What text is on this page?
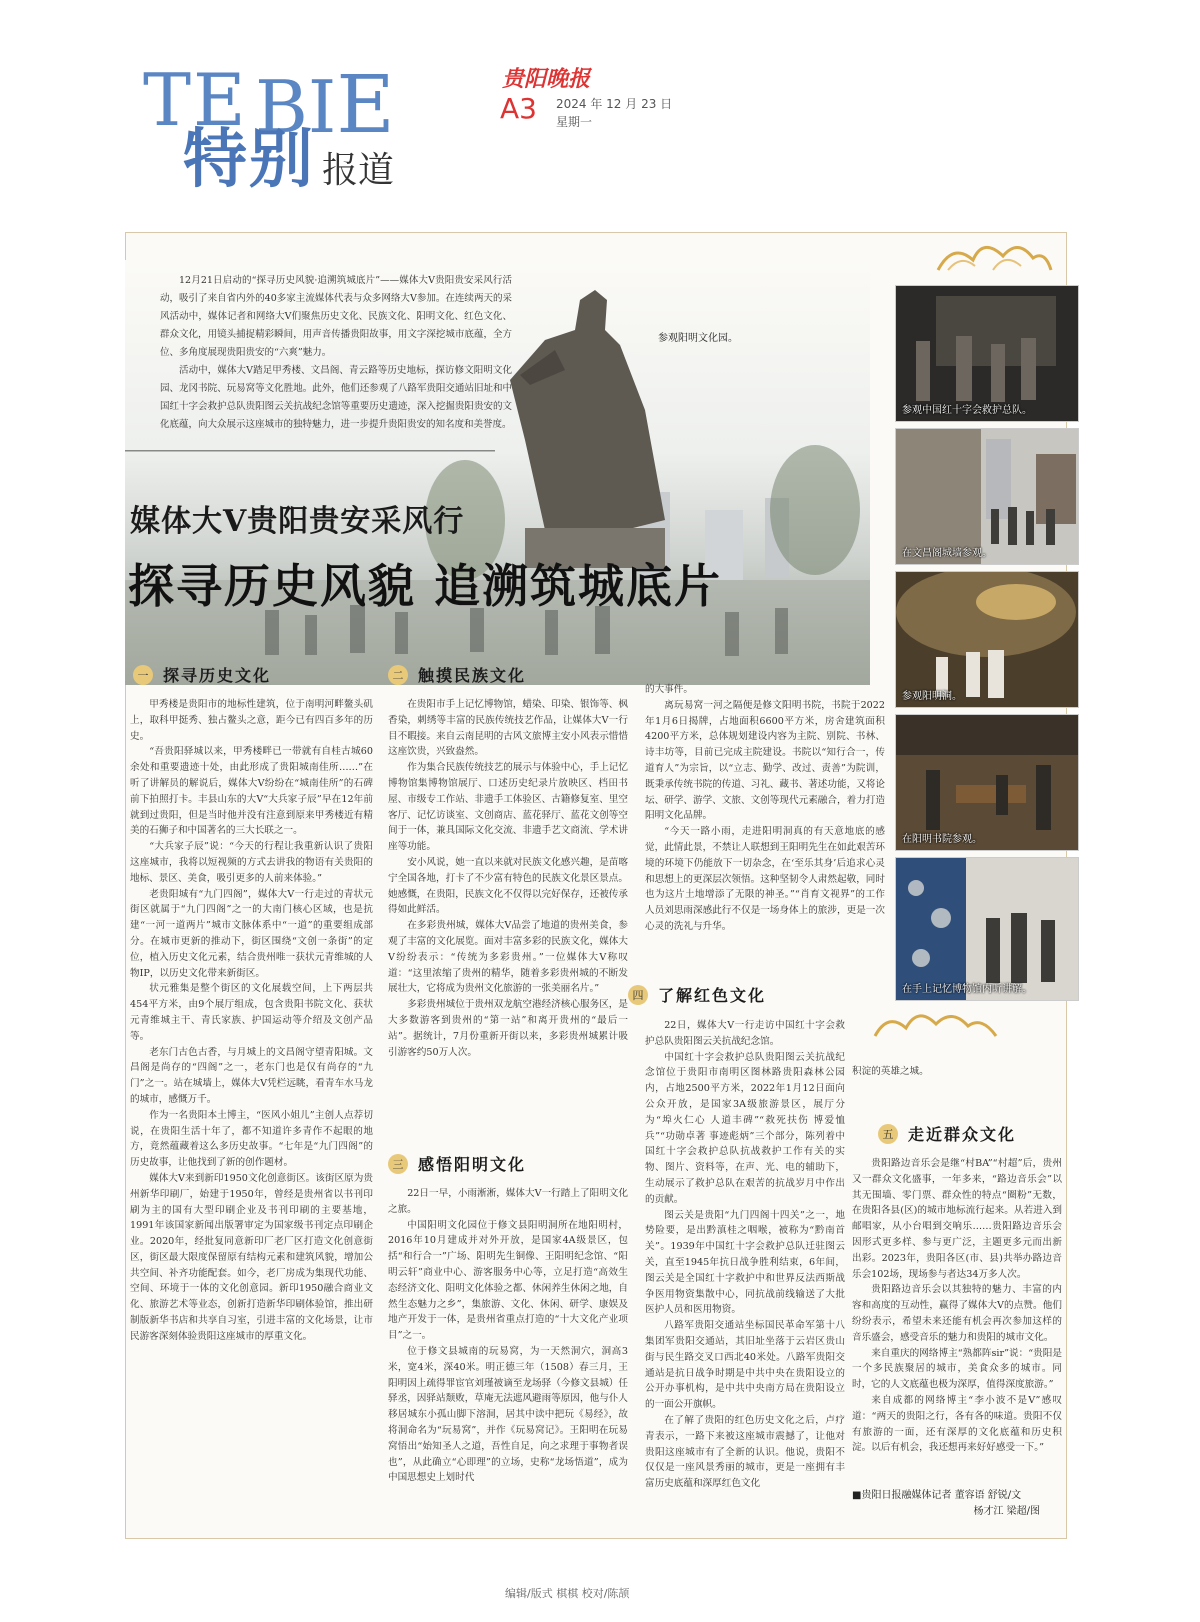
TE BIE
特别 报道
贵阳晚报
A3 2024 年 12 月 23 日
星期一
参观阳明文化园。

12月21日启动的“探寻历史风貌·追溯筑城底片”——媒体大V贵阳贵安采风行活动，吸引了来自省内外的40多家主流媒体代表与众多网络大V参加。在连续两天的采风活动中，媒体记者和网络大V们聚焦历史文化、民族文化、阳明文化、红色文化、群众文化，用镜头捕捉精彩瞬间，用声音传播贵阳故事，用文字深挖城市底蕴，全方位、多角度展现贵阳贵安的“六爽”魅力。

活动中，媒体大V踏足甲秀楼、文昌阁、青云路等历史地标，探访修文阳明文化园、龙冈书院、玩易窝等文化胜地。此外，他们还参观了八路军贵阳交通站旧址和中国红十字会救护总队贵阳图云关抗战纪念馆等重要历史遗迹，深入挖掘贵阳贵安的文化底蕴，向大众展示这座城市的独特魅力，进一步提升贵阳贵安的知名度和美誉度。

媒体大V贵阳贵安采风行
探寻历史风貌 追溯筑城底片
参观中国红十字会救护总队。
在文昌阁城墙参观。
参观阳明洞。
在阳明书院参观。
在手上记忆博物馆内听讲解。
一 探寻历史文化	二 触摸民族文化

甲秀楼是贵阳市的地标性建筑，位于南明河畔鳌头矶上，取科甲挺秀、独占鳌头之意，距今已有四百多年的历史。

“吾贵阳驿城以来，甲秀楼畔已一带就有自桂古城60余处和重要遗迹十处，由此形成了贵阳城南佳所……”在听了讲解员的解说后，媒体大V纷纷在“城南佳所”的石碑前下拍照打卡。丰县山东的大V“大兵家子辰”早在12年前就到过贵阳，但是当时他并没有注意到原来甲秀楼近有精美的石狮子和中国著名的三大长联之一。

“大兵家子辰”说：“今天的行程让我重新认识了贵阳这座城市，我将以短视频的方式去讲我的物语有关贵阳的地标、景区、美食，吸引更多的人前来体验。”

老贵阳城有“九门四阁”，媒体大V一行走过的青状元街区就属于“九门四阁”之一的大南门核心区域，也是抗建“一河一道两片”城市文脉体系中“一道”的重要组成部分。在城市更新的推动下，街区围绕“文创一条街”的定位，植入历史文化元素，结合贵州唯一获状元青维城的人物IP，以历史文化带来新街区。

状元雅集是整个街区的文化展载空间，上下两层共454平方米，由9个展厅组成，包含贵阳书院文化、获状元青维城主干、青氏家族、护国运动等介绍及文创产品等。

老东门古色古香，与月城上的文昌阁守望青阳城。文昌阁是尚存的“四阁”之一，老东门也是仅有尚存的“九门”之一。站在城墙上，媒体大V凭栏远眺，看青车水马龙的城市，感慨万千。

作为一名贵阳本土博主，“医风小姐儿”主创人点荐切说，在贵阳生活十年了，都不知道许多青作不起眼的地方，竟然蕴藏着这么多历史故事。“七年是“九门四阁”的历史故事，让他找到了新的创作题材。

媒体大V来到新印1950文化创意街区。该街区原为贵州新华印刷厂，始建于1950年，曾经是贵州省以书刊印刷为主的国有大型印刷企业及书刊印刷的主要基地，1991年该国家新闻出版署审定为国家级书刊定点印刷企业。2020年，经批复同意新印厂老厂区打造文化创意街区，街区最大限度保留原有结构元素和建筑风貌，增加公共空间、补齐功能配套。如今，老厂房成为集现代功能、空间、环境于一体的文化创意园。新印1950融合商业文化、旅游艺术等业态，创新打造新华印刷体验馆，推出研制版新华书店和共享自习室，引进丰富的文化场景，让市民游客深刻体验贵阳这座城市的厚重文化。

在贵阳市手上记忆博物馆，蜡染、印染、银饰等、枫香染，刺绣等丰富的民族传统技艺作品，让媒体大V一行目不暇接。来自云南昆明的古风文旅博主安小风表示惜惜这座饮贵，兴致盎然。

作为集合民族传统技艺的展示与体验中心，手上记忆博物馆集博物馆展厅、口述历史纪录片放映区、档田书屋、市级专工作站、非遗手工体验区、古籍修复室、里空客厅、记忆访谈室、文创商店、蓝花驿厅、蓝花文创等空间于一体，兼具国际文化交流、非遗手艺文商流、学术讲座等功能。

安小风说，她一直以来就对民族文化感兴趣，是苗喀宁全国各地，打卡了不少富有特色的民族文化景区景点。她感慨，在贵阳，民族文化不仅得以完好保存，还被传承得如此鲜活。

在多彩贵州城，媒体大V品尝了地道的贵州美食，参观了丰富的文化展览。面对丰富多彩的民族文化，媒体大V纷纷表示：“传统为多彩贵州。”一位媒体大V称叹道：“这里浓缩了贵州的精华，随着多彩贵州城的不断发展壮大，它将成为贵州文化旅游的一张美丽名片。”

多彩贵州城位于贵州双龙航空港经济核心服务区，是大多数游客到贵州的“第一站”和离开贵州的“最后一站”。据统计，7月份重新开街以来，多彩贵州城累计吸引游客约50万人次。

三 感悟阳明文化

22日一早，小雨淅淅，媒体大V一行踏上了阳明文化之旅。

中国阳明文化园位于修文县阳明洞所在地阳明村，2016年10月建成并对外开放，是国家4A级景区，包括“和行合一”广场、阳明先生铜像、王阳明纪念馆、“阳明云轩”商业中心、游客服务中心等，立足打造“高效生态经济文化、阳明文化体验之都、休闲养生休闲之地，自然生态魅力之乡”，集旅游、文化、休闲、研学、康娱及地产开发于一体，是贵州省重点打造的“十大文化产业项目”之一。

位于修文县城南的玩易窝，为一天然洞穴，洞高3米，宽4米，深40米。明正德三年（1508）春三月，王阳明因上疏得罪宦官刘瑾被谪至龙场驿（今修文县城）任驿丞，因驿站颓败，草庵无法遮风避雨等原因，他与仆人移居城东小孤山脚下溶洞，居其中读中把玩《易经》，故将洞命名为“玩易窝”，并作《玩易窝记》。王阳明在玩易窝悟出“始知圣人之道，吾性自足，向之求理于事物者误也”，从此确立“心即理”的立场，史称“龙场悟道”，成为中国思想史上划时代

的大事件。

离玩易窝一河之隔便是修文阳明书院，书院于2022年1月6日揭牌，占地面积6600平方米，房舍建筑面积4200平方米，总体规划建设内容为主院、别院、书林、诗丰坊等，目前已完成主院建设。书院以“知行合一，传道育人”为宗旨，以“立志、勤学、改过、责善”为院训，既秉承传统书院的传道、习礼、藏书、著述功能，又将论坛、研学、游学、文旅、文创等现代元素融合，着力打造阳明文化品牌。

“今天一路小雨，走进阳明洞真的有天意地底的感觉，此情此景，不禁让人联想到王阳明先生在如此艰苦环境的环境下仍能放下一切杂念，在‘至乐其身’后追求心灵和思想上的更深层次领悟。这种坚韧令人肃然起敬，同时也为这片土地增添了无限的神圣。”“肖育文视界”的工作人员刘思雨深感此行不仅是一场身体上的旅涉，更是一次心灵的洗礼与升华。

四 了解红色文化

22日，媒体大V一行走访中国红十字会救护总队贵阳图云关抗战纪念馆。

中国红十字会救护总队贵阳图云关抗战纪念馆位于贵阳市南明区图林路贵阳森林公园内，占地2500平方米，2022年1月12日面向公众开放，是国家3A级旅游景区，展厅分为“埠火仁心 人道丰碑”“救死扶伤 博爱恤兵”“功勋卓著 事迹彪炳”三个部分，陈列着中国红十字会救护总队抗战救护工作有关的实物、图片、资料等，在声、光、电的辅助下，生动展示了救护总队在艰苦的抗战岁月中作出的贡献。

图云关是贵阳“九门四阁十四关”之一，地势险要，是出黔滇桂之咽喉，被称为“黔南首关”。1939年中国红十字会救护总队迁驻图云关，直至1945年抗日战争胜利结束，6年间，图云关是全国红十字救护中和世界反法西斯战争医用物资集散中心，同抗战前线输送了大批医护人员和医用物资。

八路军贵阳交通站坐标国民革命军第十八集团军贵阳交通站，其旧址坐落于云岩区贵山街与民生路交叉口西北40米处。八路军贵阳交通站是抗日战争时期是中共中央在贵阳设立的公开办事机构，是中共中央南方局在贵阳设立的一面公开旗帜。

在了解了贵阳的红色历史文化之后，卢疗青表示，一路下来被这座城市震撼了，让他对贵阳这座城市有了全新的认识。他说，贵阳不仅仅是一座风景秀丽的城市，更是一座拥有丰富历史底蕴和深厚红色文化

积淀的英雄之城。

五 走近群众文化

贵阳路边音乐会是继“村BA”“村超”后，贵州又一群众文化盛事，一年多来，“路边音乐会”以其无围墙、零门票、群众性的特点“圈粉”无数，在贵阳各县(区)的城市地标流行起来。从若进入到邮唱家，从小台唱到交响乐……贵阳路边音乐会因形式更多样、参与更广泛，主题更多元而出新出彩。2023年，贵阳各区(市、县)共举办路边音乐会102场，现场参与者达34万多人次。

贵阳路边音乐会以其独特的魅力、丰富的内容和高度的互动性，赢得了媒体大V的点赞。他们纷纷表示，希望未来还能有机会再次参加这样的音乐盛会，感受音乐的魅力和贵阳的城市文化。

来自重庆的网络博主“熟都阵sir”说：“贵阳是一个多民族聚居的城市，美食众多的城市。同时，它的人文底蕴也极为深厚，值得深度旅游。”

来自成都的网络博主“李小波不是V”感叹道：“两天的贵阳之行，各有各的味道。贵阳不仅有旅游的一面，还有深厚的文化底蕴和历史积淀。以后有机会，我还想再来好好感受一下。”

■贵阳日报融媒体记者 董容语 舒锐/文
杨才江 梁超/图
编辑/版式 棋棋 校对/陈颉
